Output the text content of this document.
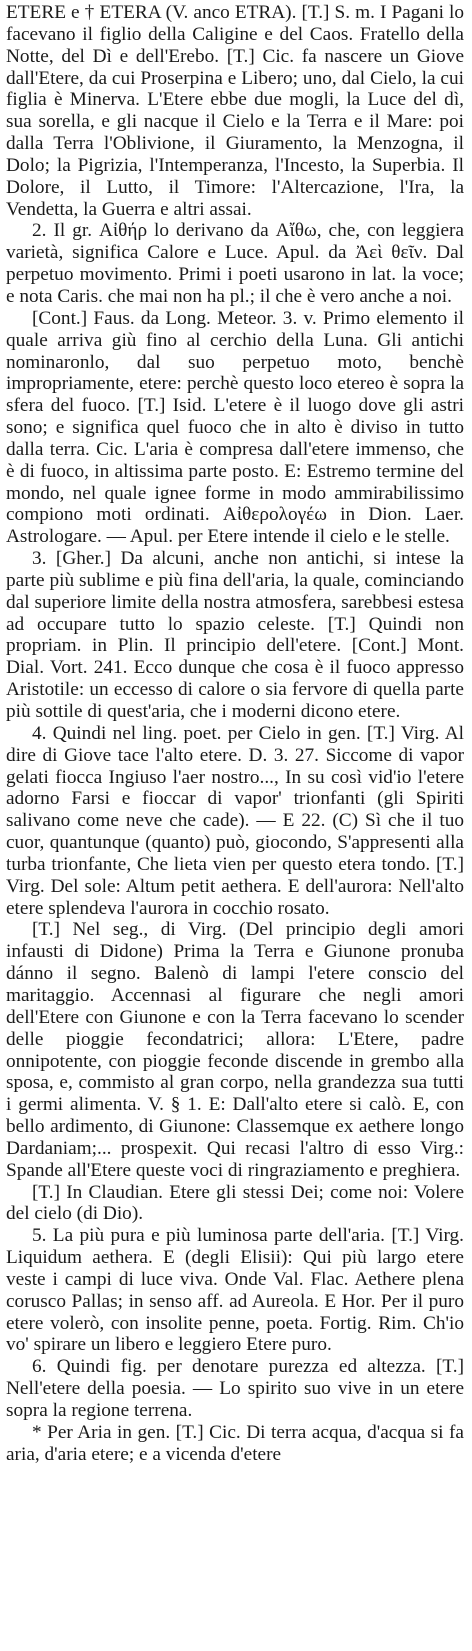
ETERE e † ETERA (V. anco ETRA). [T.] S. m. I Pagani lo facevano il figlio della Caligine e del Caos. Fratello della Notte, del Dì e dell'Erebo. [T.] Cic. fa nascere un Giove dall'Etere, da cui Proserpina e Libero; uno, dal Cielo, la cui figlia è Minerva. L'Etere ebbe due mogli, la Luce del dì, sua sorella, e gli nacque il Cielo e la Terra e il Mare: poi dalla Terra l'Oblivione, il Giuramento, la Menzogna, il Dolo; la Pigrizia, l'Intemperanza, l'Incesto, la Superbia. Il Dolore, il Lutto, il Timore: l'Altercazione, l'Ira, la Vendetta, la Guerra e altri assai.

2. Il gr. Αἰθήρ lo derivano da Αἴθω, che, con leggiera varietà, significa Calore e Luce. Apul. da Ἀεὶ θεῖν. Dal perpetuo movimento. Primi i poeti usarono in lat. la voce; e nota Caris. che mai non ha pl.; il che è vero anche a noi.

[Cont.] Faus. da Long. Meteor. 3. v. Primo elemento il quale arriva giù fino al cerchio della Luna. Gli antichi nominaronlo, dal suo perpetuo moto, benchè impropriamente, etere: perchè questo loco etereo è sopra la sfera del fuoco. [T.] Isid. L'etere è il luogo dove gli astri sono; e significa quel fuoco che in alto è diviso in tutto dalla terra. Cic. L'aria è compresa dall'etere immenso, che è di fuoco, in altissima parte posto. E: Estremo termine del mondo, nel quale ignee forme in modo ammirabilissimo compiono moti ordinati. Αἰθερολογέω in Dion. Laer. Astrologare. — Apul. per Etere intende il cielo e le stelle.

3. [Gher.] Da alcuni, anche non antichi, si intese la parte più sublime e più fina dell'aria, la quale, cominciando dal superiore limite della nostra atmosfera, sarebbesi estesa ad occupare tutto lo spazio celeste. [T.] Quindi non propriam. in Plin. Il principio dell'etere. [Cont.] Mont. Dial. Vort. 241. Ecco dunque che cosa è il fuoco appresso Aristotile: un eccesso di calore o sia fervore di quella parte più sottile di quest'aria, che i moderni dicono etere.

4. Quindi nel ling. poet. per Cielo in gen. [T.] Virg. Al dire di Giove tace l'alto etere. D. 3. 27. Siccome di vapor gelati fiocca Ingiuso l'aer nostro..., In su così vid'io l'etere adorno Farsi e fioccar di vapor' trionfanti (gli Spiriti salivano come neve che cade). — E 22. (C) Sì che il tuo cuor, quantunque (quanto) può, giocondo, S'appresenti alla turba trionfante, Che lieta vien per questo etera tondo. [T.] Virg. Del sole: Altum petit aethera. E dell'aurora: Nell'alto etere splendeva l'aurora in cocchio rosato.

[T.] Nel seg., di Virg. (Del principio degli amori infausti di Didone) Prima la Terra e Giunone pronuba dánno il segno. Balenò di lampi l'etere conscio del maritaggio. Accennasi al figurare che negli amori dell'Etere con Giunone e con la Terra facevano lo scender delle pioggie fecondatrici; allora: L'Etere, padre onnipotente, con pioggie feconde discende in grembo alla sposa, e, commisto al gran corpo, nella grandezza sua tutti i germi alimenta. V. § 1. E: Dall'alto etere si calò. E, con bello ardimento, di Giunone: Classemque ex aethere longo Dardaniam;... prospexit. Qui recasi l'altro di esso Virg.: Spande all'Etere queste voci di ringraziamento e preghiera.

[T.] In Claudian. Etere gli stessi Dei; come noi: Volere del cielo (di Dio).

5. La più pura e più luminosa parte dell'aria. [T.] Virg. Liquidum aethera. E (degli Elisii): Qui più largo etere veste i campi di luce viva. Onde Val. Flac. Aethere plena corusco Pallas; in senso aff. ad Aureola. E Hor. Per il puro etere volerò, con insolite penne, poeta. Fortig. Rim. Ch'io vo' spirare un libero e leggiero Etere puro.

6. Quindi fig. per denotare purezza ed altezza. [T.] Nell'etere della poesia. — Lo spirito suo vive in un etere sopra la regione terrena.

* Per Aria in gen. [T.] Cic. Di terra acqua, d'acqua si fa aria, d'aria etere; e a vicenda d'etere
